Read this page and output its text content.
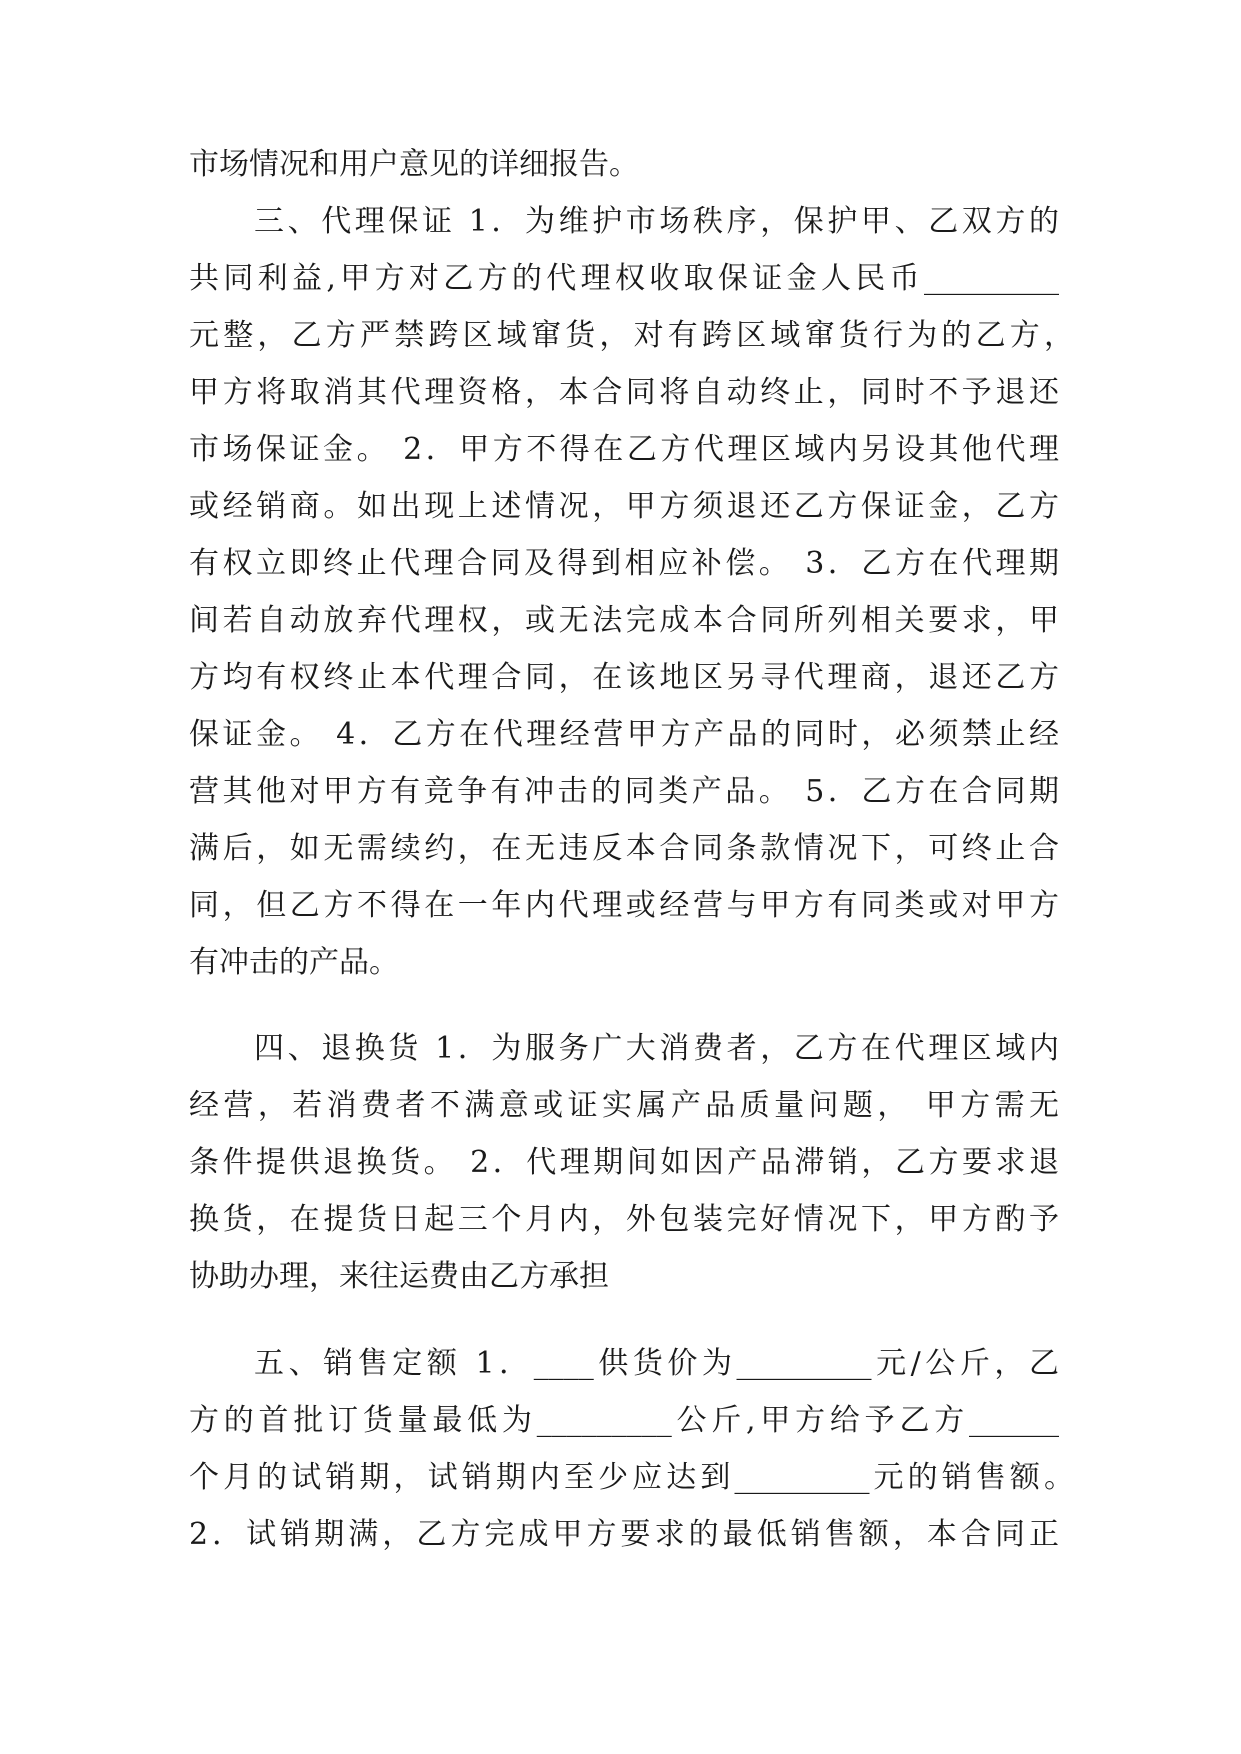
市场情况和用户意见的详细报告。
三、代理保证 1．为维护市场秩序，保护甲、乙双方的
共同利益,甲方对乙方的代理权收取保证金人民币_________
元整，乙方严禁跨区域窜货，对有跨区域窜货行为的乙方，
甲方将取消其代理资格，本合同将自动终止，同时不予退还
市场保证金。 2．甲方不得在乙方代理区域内另设其他代理
或经销商。如出现上述情况，甲方须退还乙方保证金，乙方
有权立即终止代理合同及得到相应补偿。 3．乙方在代理期
间若自动放弃代理权，或无法完成本合同所列相关要求，甲
方均有权终止本代理合同，在该地区另寻代理商，退还乙方
保证金。 4．乙方在代理经营甲方产品的同时，必须禁止经
营其他对甲方有竞争有冲击的同类产品。 5．乙方在合同期
满后，如无需续约，在无违反本合同条款情况下，可终止合
同，但乙方不得在一年内代理或经营与甲方有同类或对甲方
有冲击的产品。
四、退换货 1．为服务广大消费者，乙方在代理区域内
经营，若消费者不满意或证实属产品质量问题， 甲方需无
条件提供退换货。 2．代理期间如因产品滞销，乙方要求退
换货，在提货日起三个月内，外包装完好情况下，甲方酌予
协助办理，来往运费由乙方承担
五、销售定额 1．____供货价为_________元/公斤，乙
方的首批订货量最低为_________公斤,甲方给予乙方______
个月的试销期，试销期内至少应达到_________元的销售额。
2．试销期满，乙方完成甲方要求的最低销售额，本合同正
